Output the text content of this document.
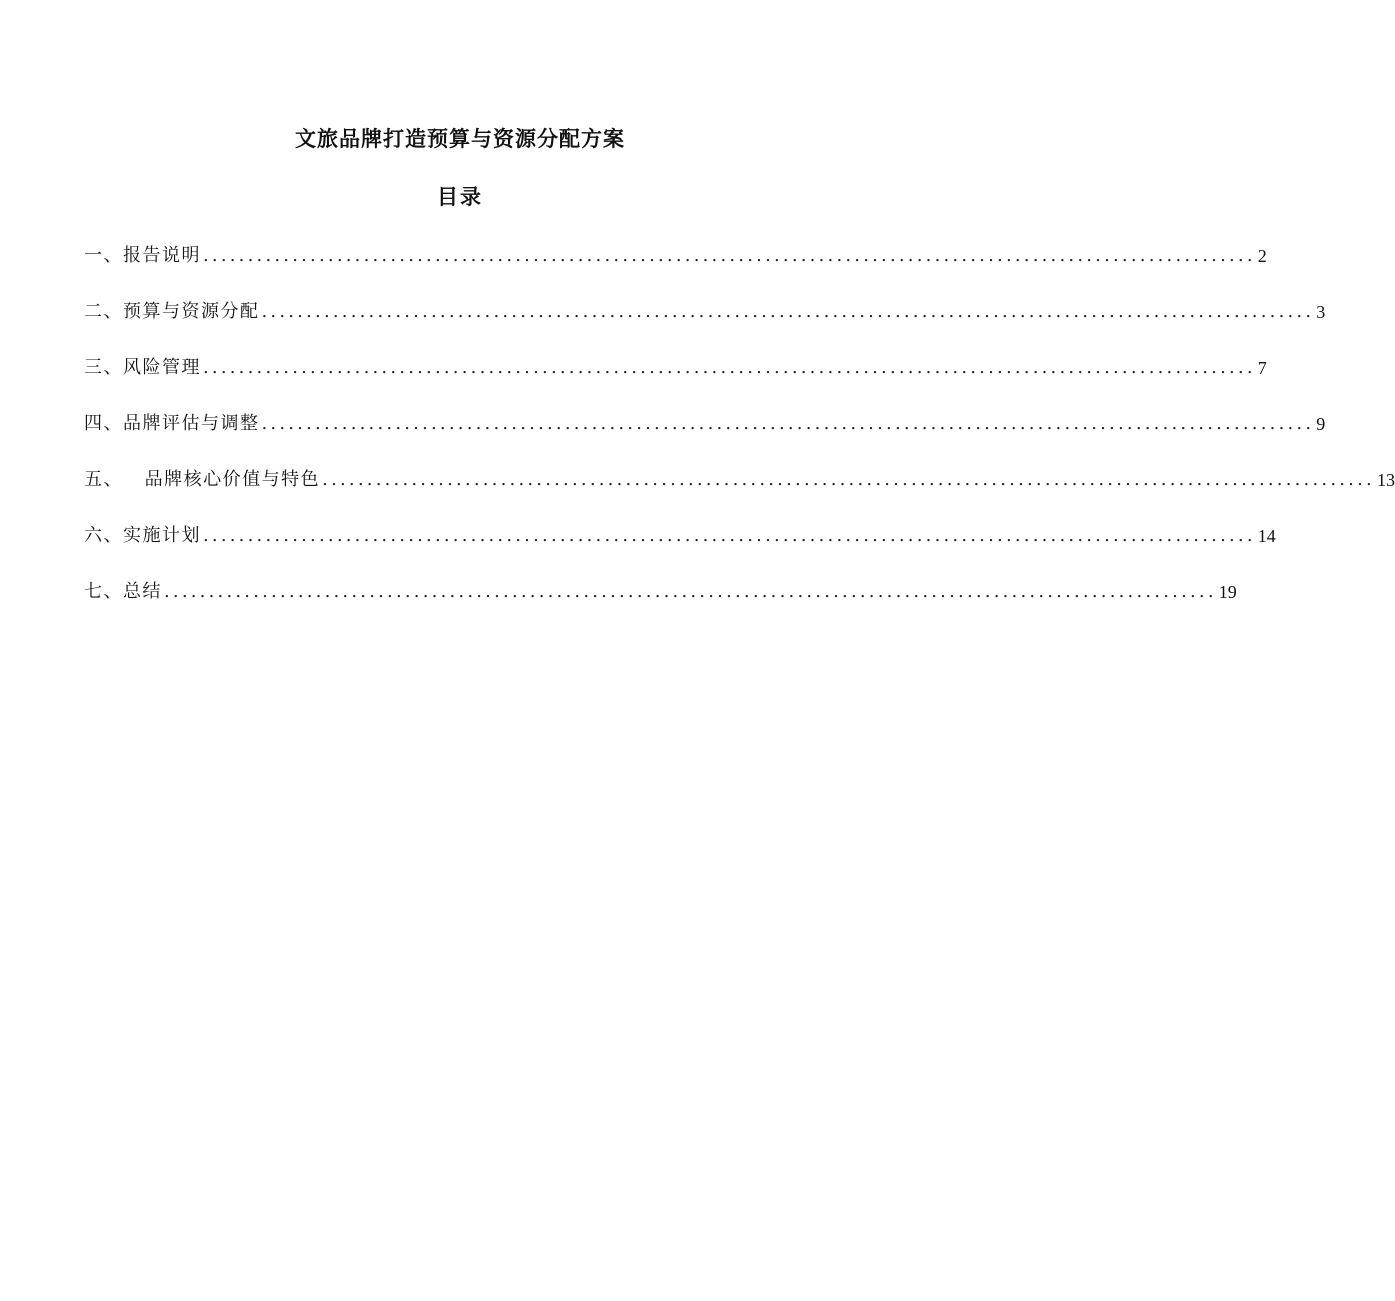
文旅品牌打造预算与资源分配方案
目录
一、报告说明 ...................................................................................................................... 2
二、预算与资源分配 ...................................................................................................................... 3
三、风险管理 ...................................................................................................................... 7
四、品牌评估与调整 ...................................................................................................................... 9
五、   品牌核心价值与特色 ...................................................................................................................... 13
六、实施计划 ...................................................................................................................... 14
七、总结 ...................................................................................................................... 19
